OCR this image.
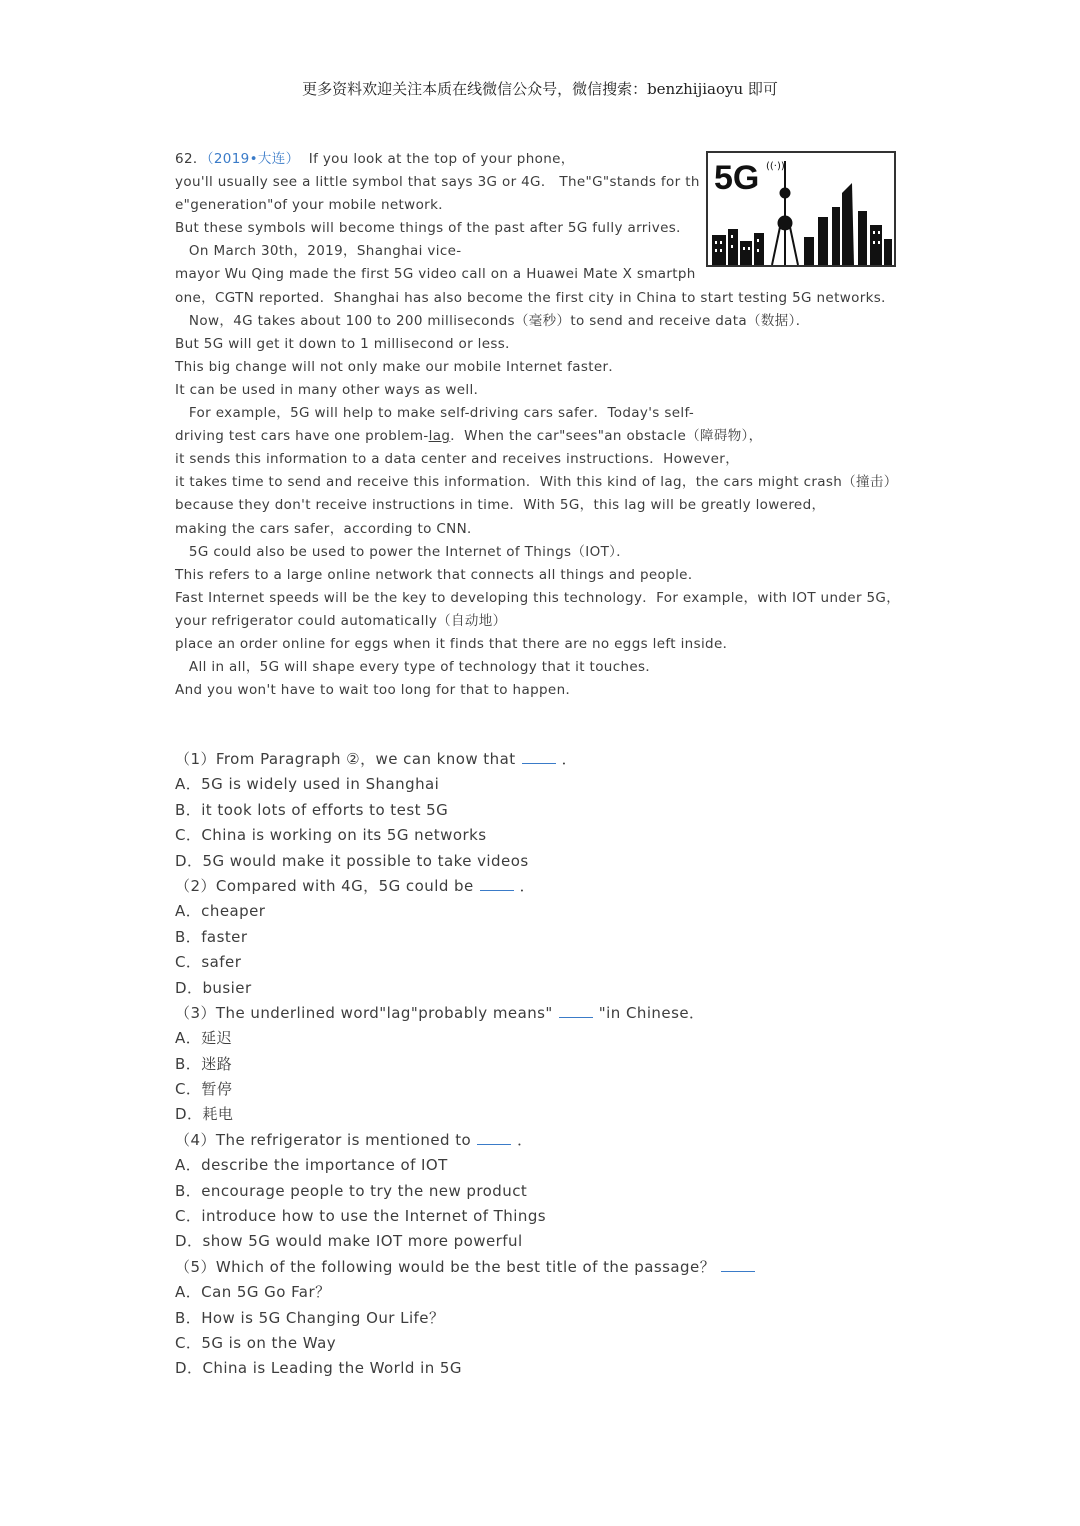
更多资料欢迎关注本质在线微信公众号，微信搜索：benzhijiaoyu 即可
62．（2019•大连） If you look at the top of your phone，
you'll usually see a little symbol that says 3G or 4G． The"G"stands for th
e"generation"of your mobile network．
But these symbols will become things of the past after 5G fully arrives．
On March 30th，2019，Shanghai vice-
mayor Wu Qing made the first 5G video call on a Huawei Mate X smartph
one，CGTN reported．Shanghai has also become the first city in China to start testing 5G networks．
Now，4G takes about 100 to 200 milliseconds（毫秒）to send and receive data（数据）．
But 5G will get it down to 1 millisecond or less．
This big change will not only make our mobile Internet faster．
It can be used in many other ways as well．
For example，5G will help to make self-driving cars safer．Today's self-
driving test cars have one problem-lag．When the car"sees"an obstacle（障碍物），
it sends this information to a data center and receives instructions．However，
it takes time to send and receive this information．With this kind of lag，the cars might crash（撞击）
because they don't receive instructions in time．With 5G，this lag will be greatly lowered，
making the cars safer，according to CNN．
5G could also be used to power the Internet of Things（IOT）．
This refers to a large online network that connects all things and people．
Fast Internet speeds will be the key to developing this technology．For example，with IOT under 5G，
your refrigerator could automatically（自动地）
place an order online for eggs when it finds that there are no eggs left inside．
All in all，5G will shape every type of technology that it touches．
And you won't have to wait too long for that to happen．
5G ((·))
（1）From Paragraph ②，we can know that	．
A．5G is widely used in Shanghai
B．it took lots of efforts to test 5G
C．China is working on its 5G networks
D．5G would make it possible to take videos
（2）Compared with 4G，5G could be	．
A．cheaper
B．faster
C．safer
D．busier
（3）The underlined word"lag"probably means"	"in Chinese．
A．延迟
B．迷路
C．暂停
D．耗电
（4）The refrigerator is mentioned to	．
A．describe the importance of IOT
B．encourage people to try the new product
C．introduce how to use the Internet of Things
D．show 5G would make IOT more powerful
（5）Which of the following would be the best title of the passage？
A．Can 5G Go Far？
B．How is 5G Changing Our Life？
C．5G is on the Way
D．China is Leading the World in 5G
